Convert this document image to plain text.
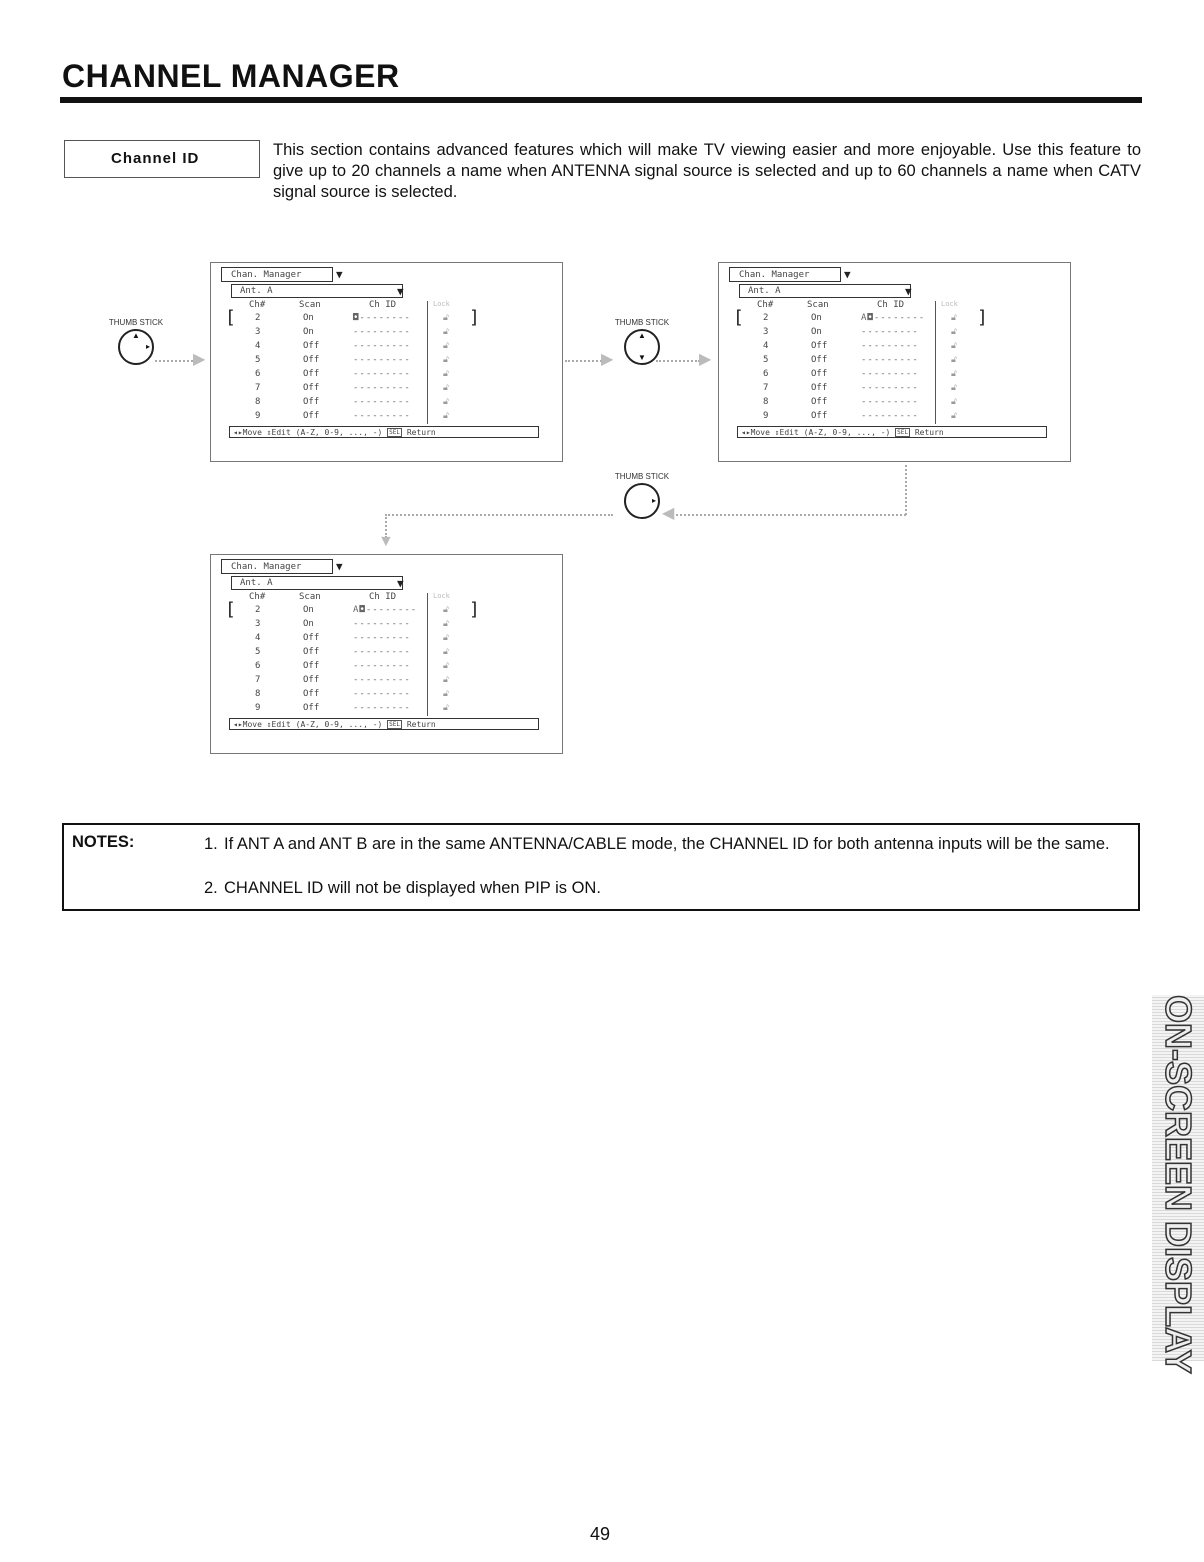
CHANNEL MANAGER
Channel ID	This section contains advanced features which will make TV viewing easier and more enjoyable. Use this feature to give up to 20 channels a name when ANTENNA signal source is selected and up to 60 channels a name when CATV signal source is selected.

Chan. Manager	▼
Ant. A	▼
Ch#	Scan	Ch ID	Lock
[	]
2	On	◘--------	🔓︎
3	On	---------	🔓︎
4	Off	---------	🔓︎
5	Off	---------	🔓︎
6	Off	---------	🔓︎
7	Off	---------	🔓︎
8	Off	---------	🔓︎
9	Off	---------	🔓︎
◂▸Move ⇕Edit (A-Z, 0-9, ..., -) SEL Return
Chan. Manager	▼
Ant. A	▼
Ch#	Scan	Ch ID	Lock
[	]
2	On	A◘--------	🔓︎
3	On	---------	🔓︎
4	Off	---------	🔓︎
5	Off	---------	🔓︎
6	Off	---------	🔓︎
7	Off	---------	🔓︎
8	Off	---------	🔓︎
9	Off	---------	🔓︎
◂▸Move ⇕Edit (A-Z, 0-9, ..., -) SEL Return
Chan. Manager	▼
Ant. A	▼
Ch#	Scan	Ch ID	Lock
[	]
2	On	A◘--------	🔓︎
3	On	---------	🔓︎
4	Off	---------	🔓︎
5	Off	---------	🔓︎
6	Off	---------	🔓︎
7	Off	---------	🔓︎
8	Off	---------	🔓︎
9	Off	---------	🔓︎
◂▸Move ⇕Edit (A-Z, 0-9, ..., -) SEL Return
THUMB STICK
▲
▸
THUMB STICK
▲
▼
THUMB STICK
▸
▶	▶	▶
◀
▼
NOTES:	1. If ANT A and ANT B are in the same ANTENNA/CABLE mode, the CHANNEL ID for both antenna inputs will be the same.
2. CHANNEL ID will not be displayed when PIP is ON.
ON-SCREEN DISPLAY
49
